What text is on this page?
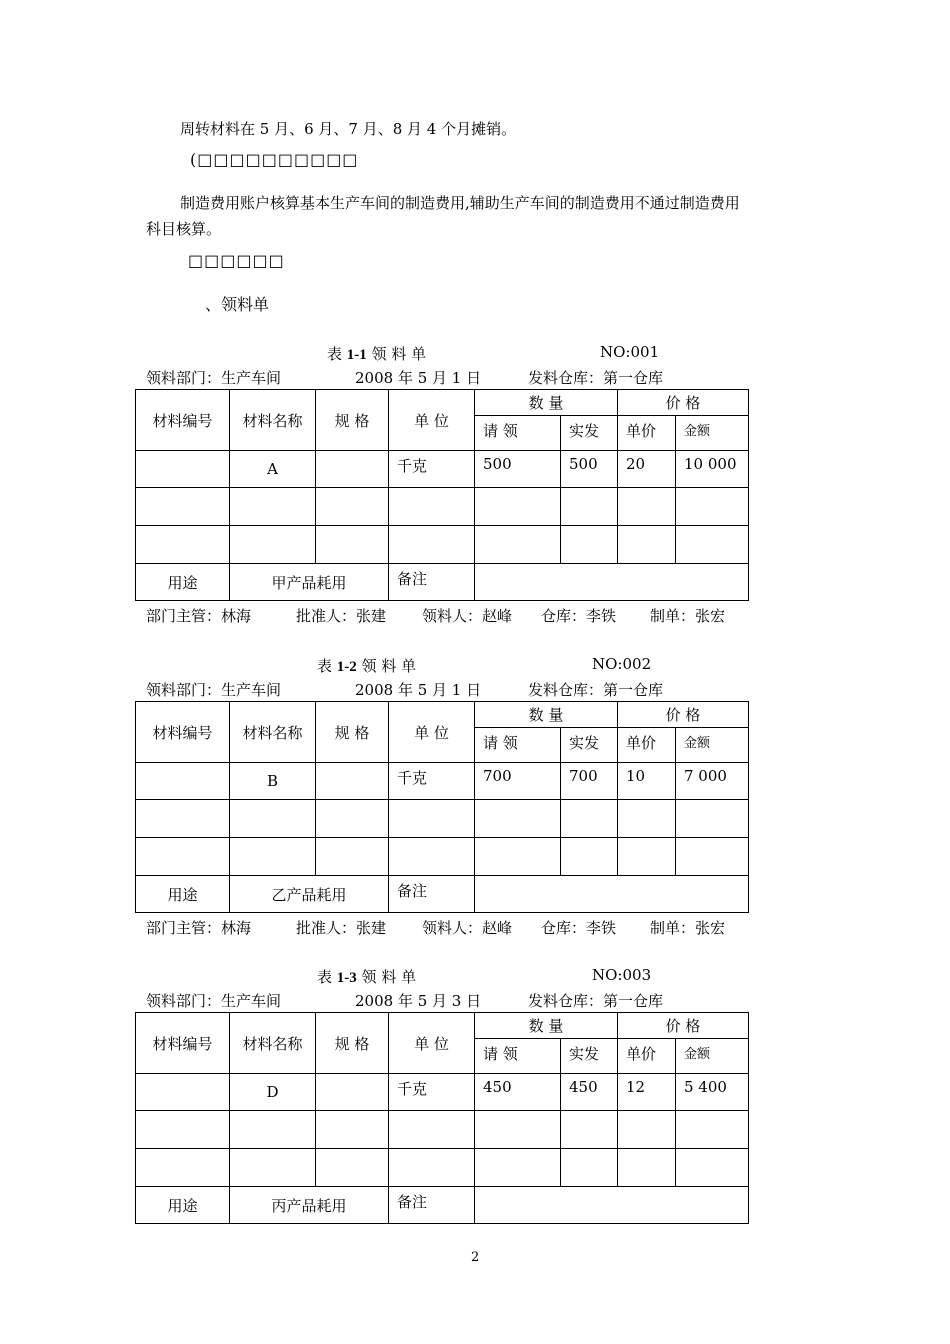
周转材料在 5 月、6 月、7 月、8 月 4 个月摊销。
(□□□□□□□□□□
制造费用账户核算基本生产车间的制造费用,辅助生产车间的制造费用不通过制造费用
科目核算。
□□□□□□
、领料单
表 1-1 领 料 单	NO:001
领料部门：生产车间	2008 年 5 月 1 日	发料仓库：第一仓库
材料编号	材料名称	规 格	单 位	数 量		价 格	
				请 领	实发	单价	金额
	A		千克	500	500	20	10 000

用途	甲产品耗用		备注				
部门主管：林海	批准人：张建 领料人：赵峰 仓库：李铁 制单：张宏
表 1-2 领 料 单	NO:002
领料部门：生产车间	2008 年 5 月 1 日	发料仓库：第一仓库
材料编号	材料名称	规 格	单 位	数 量		价 格	
				请 领	实发	单价	金额
	B		千克	700	700	10	7 000

用途	乙产品耗用		备注				
部门主管：林海	批准人：张建 领料人：赵峰 仓库：李铁 制单：张宏
表 1-3 领 料 单	NO:003
领料部门：生产车间	2008 年 5 月 3 日	发料仓库：第一仓库
材料编号	材料名称	规 格	单 位	数 量		价 格	
				请 领	实发	单价	金额
	D		千克	450	450	12	5 400

用途	丙产品耗用		备注				
2
